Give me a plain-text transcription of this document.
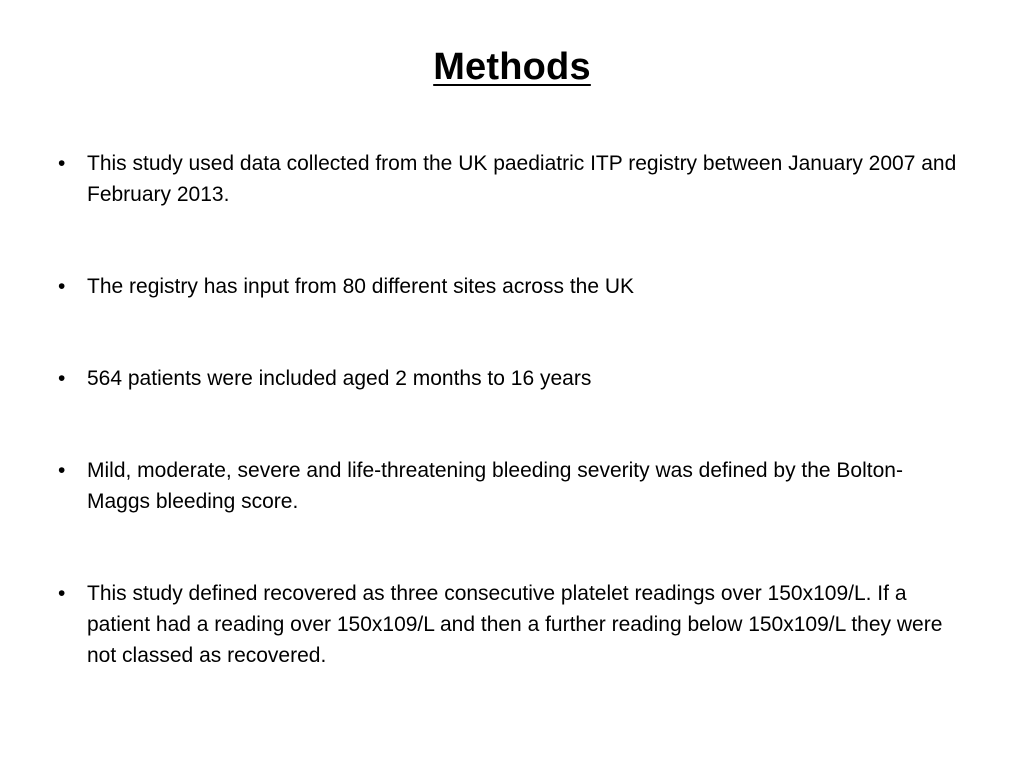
Methods
• This study used data collected from the UK paediatric ITP registry between January 2007 and February 2013.
• The registry has input from 80 different sites across the UK
• 564 patients were included aged 2 months to 16 years
• Mild, moderate, severe and life-threatening bleeding severity was defined by the Bolton-Maggs bleeding score.
• This study defined recovered as three consecutive platelet readings over 150x109/L. If a patient had a reading over 150x109/L and then a further reading below 150x109/L they were not classed as recovered.
